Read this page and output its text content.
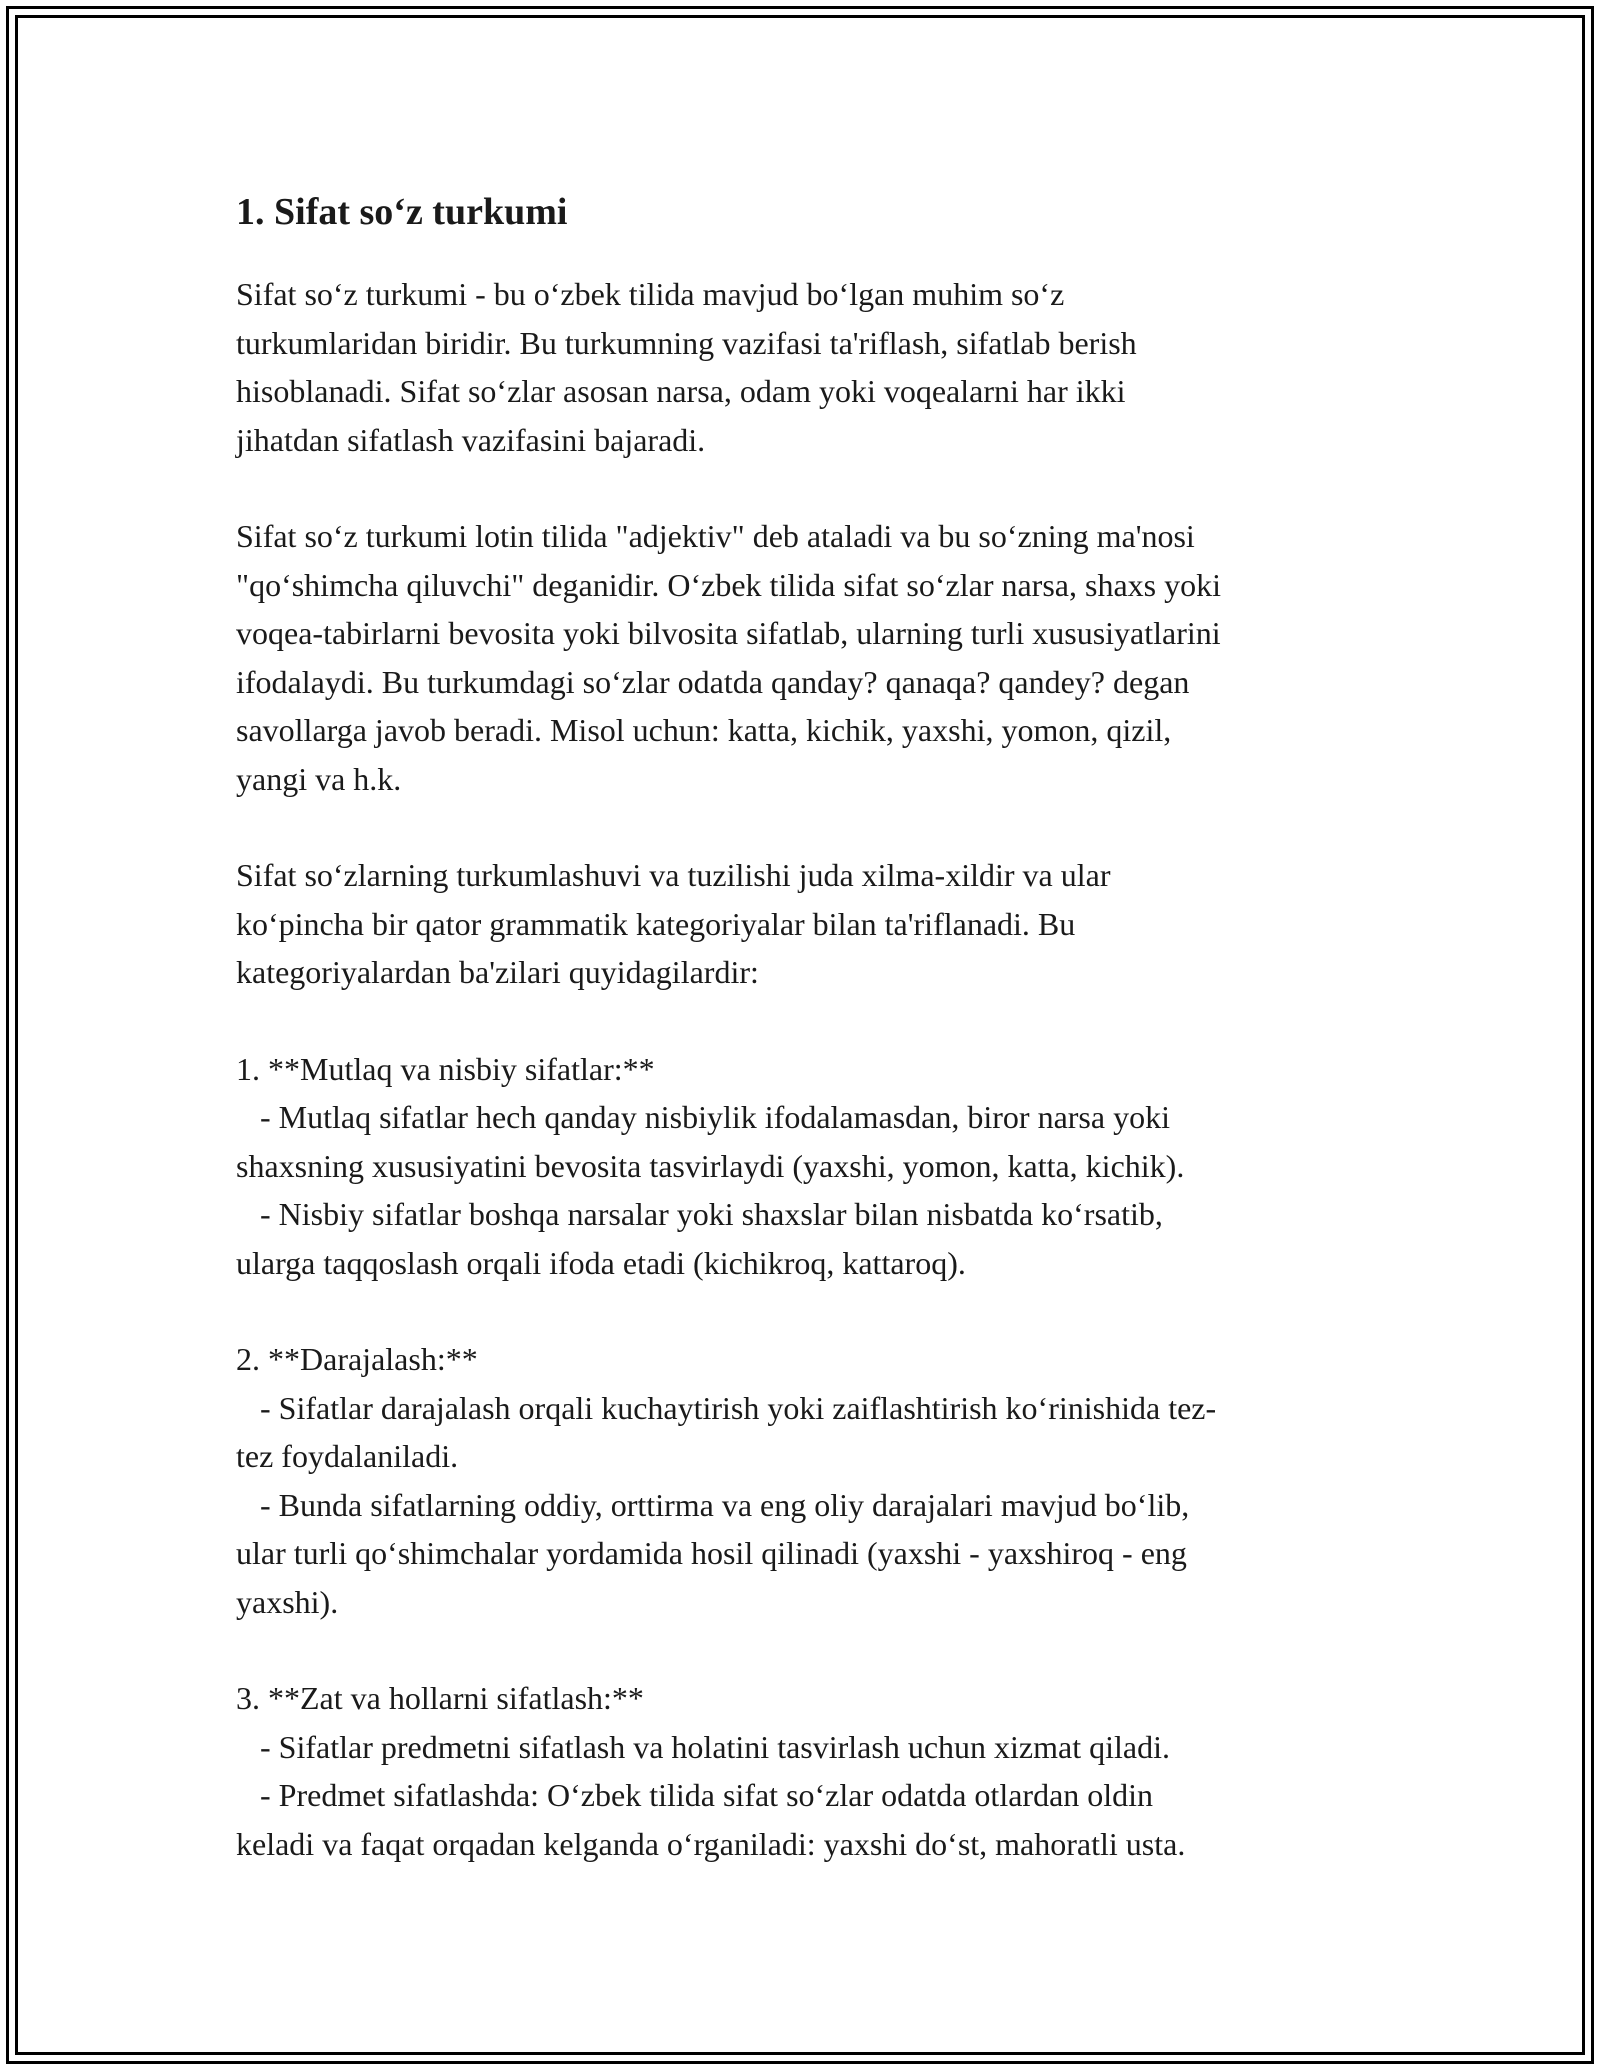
1. Sifat so‘z turkumi
Sifat so‘z turkumi - bu o‘zbek tilida mavjud bo‘lgan muhim so‘z
turkumlaridan biridir. Bu turkumning vazifasi ta'riflash, sifatlab berish
hisoblanadi. Sifat so‘zlar asosan narsa, odam yoki voqealarni har ikki
jihatdan sifatlash vazifasini bajaradi.
Sifat so‘z turkumi lotin tilida "adjektiv" deb ataladi va bu so‘zning ma'nosi
"qo‘shimcha qiluvchi" deganidir. O‘zbek tilida sifat so‘zlar narsa, shaxs yoki
voqea-tabirlarni bevosita yoki bilvosita sifatlab, ularning turli xususiyatlarini
ifodalaydi. Bu turkumdagi so‘zlar odatda qanday? qanaqa? qandey? degan
savollarga javob beradi. Misol uchun: katta, kichik, yaxshi, yomon, qizil,
yangi va h.k.
Sifat so‘zlarning turkumlashuvi va tuzilishi juda xilma-xildir va ular
ko‘pincha bir qator grammatik kategoriyalar bilan ta'riflanadi. Bu
kategoriyalardan ba'zilari quyidagilardir:
1. **Mutlaq va nisbiy sifatlar:**
- Mutlaq sifatlar hech qanday nisbiylik ifodalamasdan, biror narsa yoki
shaxsning xususiyatini bevosita tasvirlaydi (yaxshi, yomon, katta, kichik).
- Nisbiy sifatlar boshqa narsalar yoki shaxslar bilan nisbatda ko‘rsatib,
ularga taqqoslash orqali ifoda etadi (kichikroq, kattaroq).
2. **Darajalash:**
- Sifatlar darajalash orqali kuchaytirish yoki zaiflashtirish ko‘rinishida tez-
tez foydalaniladi.
- Bunda sifatlarning oddiy, orttirma va eng oliy darajalari mavjud bo‘lib,
ular turli qo‘shimchalar yordamida hosil qilinadi (yaxshi - yaxshiroq - eng
yaxshi).
3. **Zat va hollarni sifatlash:**
- Sifatlar predmetni sifatlash va holatini tasvirlash uchun xizmat qiladi.
- Predmet sifatlashda: O‘zbek tilida sifat so‘zlar odatda otlardan oldin
keladi va faqat orqadan kelganda o‘rganiladi: yaxshi do‘st, mahoratli usta.
